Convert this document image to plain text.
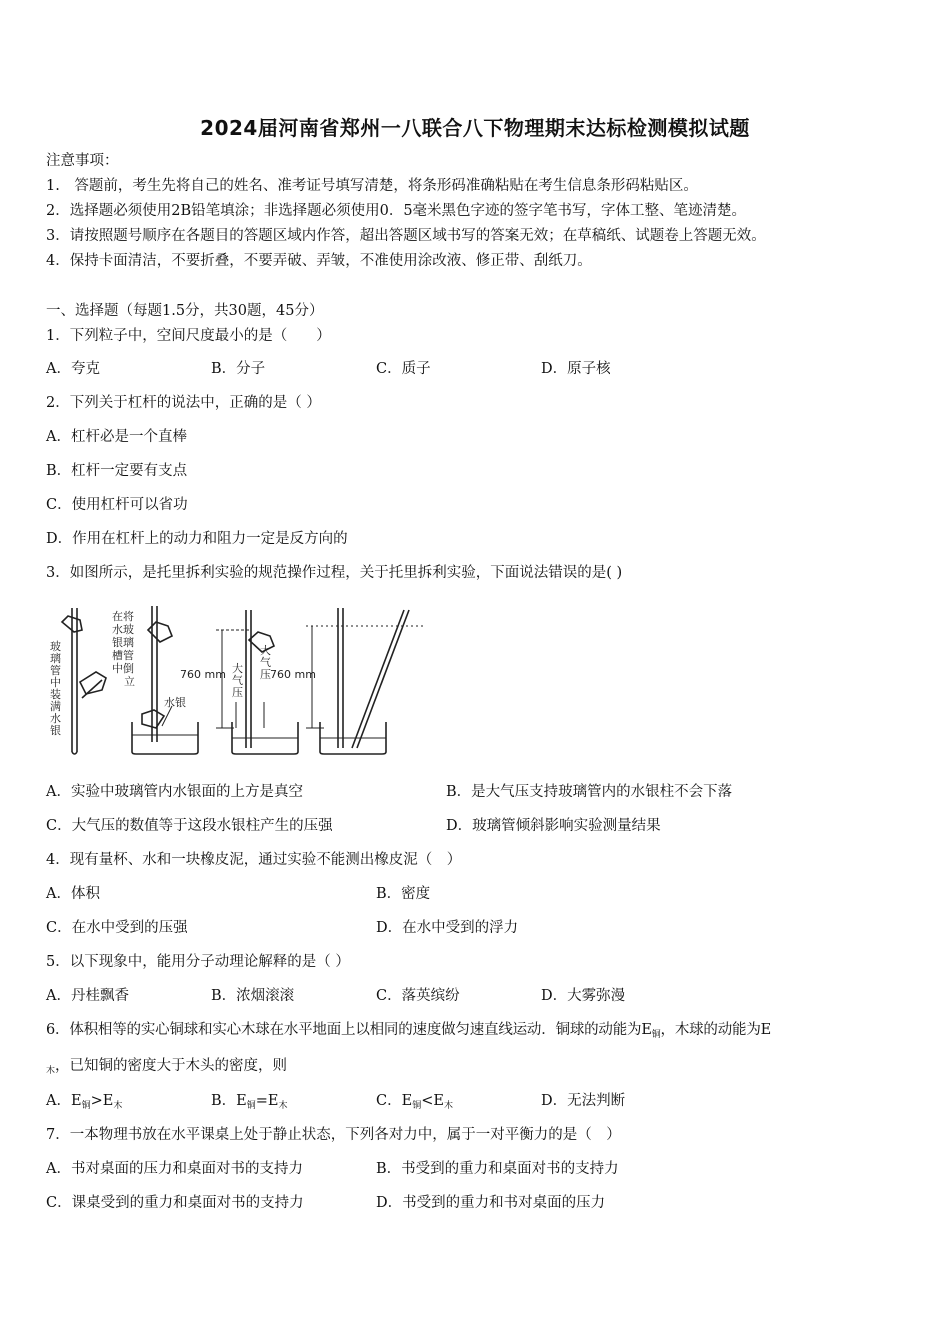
2024届河南省郑州一八联合八下物理期末达标检测模拟试题
注意事项：
1.　答题前，考生先将自己的姓名、准考证号填写清楚，将条形码准确粘贴在考生信息条形码粘贴区。
2．选择题必须使用2B铅笔填涂；非选择题必须使用0．5毫米黑色字迹的签字笔书写，字体工整、笔迹清楚。
3．请按照题号顺序在各题目的答题区域内作答，超出答题区域书写的答案无效；在草稿纸、试题卷上答题无效。
4．保持卡面清洁，不要折叠，不要弄破、弄皱，不准使用涂改液、修正带、刮纸刀。
一、选择题（每题1.5分，共30题，45分）
1．下列粒子中，空间尺度最小的是（　　）
A．夸克	B．分子	C．质子	D．原子核
2．下列关于杠杆的说法中，正确的是（ ）
A．杠杆必是一个直棒
B．杠杆一定要有支点
C．使用杠杆可以省功
D．作用在杠杆上的动力和阻力一定是反方向的
3．如图所示，是托里拆利实验的规范操作过程，关于托里拆利实验，下面说法错误的是( )
玻璃管中装满水银
在将水玻银璃槽管中倒立
水银
760 mm 大气压
大气压 760 mm
A．实验中玻璃管内水银面的上方是真空	B．是大气压支持玻璃管内的水银柱不会下落
C．大气压的数值等于这段水银柱产生的压强	D．玻璃管倾斜影响实验测量结果
4．现有量杯、水和一块橡皮泥，通过实验不能测出橡皮泥（　）
A．体积	B．密度
C．在水中受到的压强	D．在水中受到的浮力
5．以下现象中，能用分子动理论解释的是（ ）
A．丹桂飘香	B．浓烟滚滚	C．落英缤纷	D．大雾弥漫
6．体积相等的实心铜球和实心木球在水平地面上以相同的速度做匀速直线运动．铜球的动能为$E_铜$，木球的动能为E
$_木$，已知铜的密度大于木头的密度，则
A．$E_铜>E_木$	B．$E_铜=E_木$	C．$E_铜<E_木$	D．无法判断
7．一本物理书放在水平课桌上处于静止状态，下列各对力中，属于一对平衡力的是（　）
A．书对桌面的压力和桌面对书的支持力	B．书受到的重力和桌面对书的支持力
C．课桌受到的重力和桌面对书的支持力	D．书受到的重力和书对桌面的压力
